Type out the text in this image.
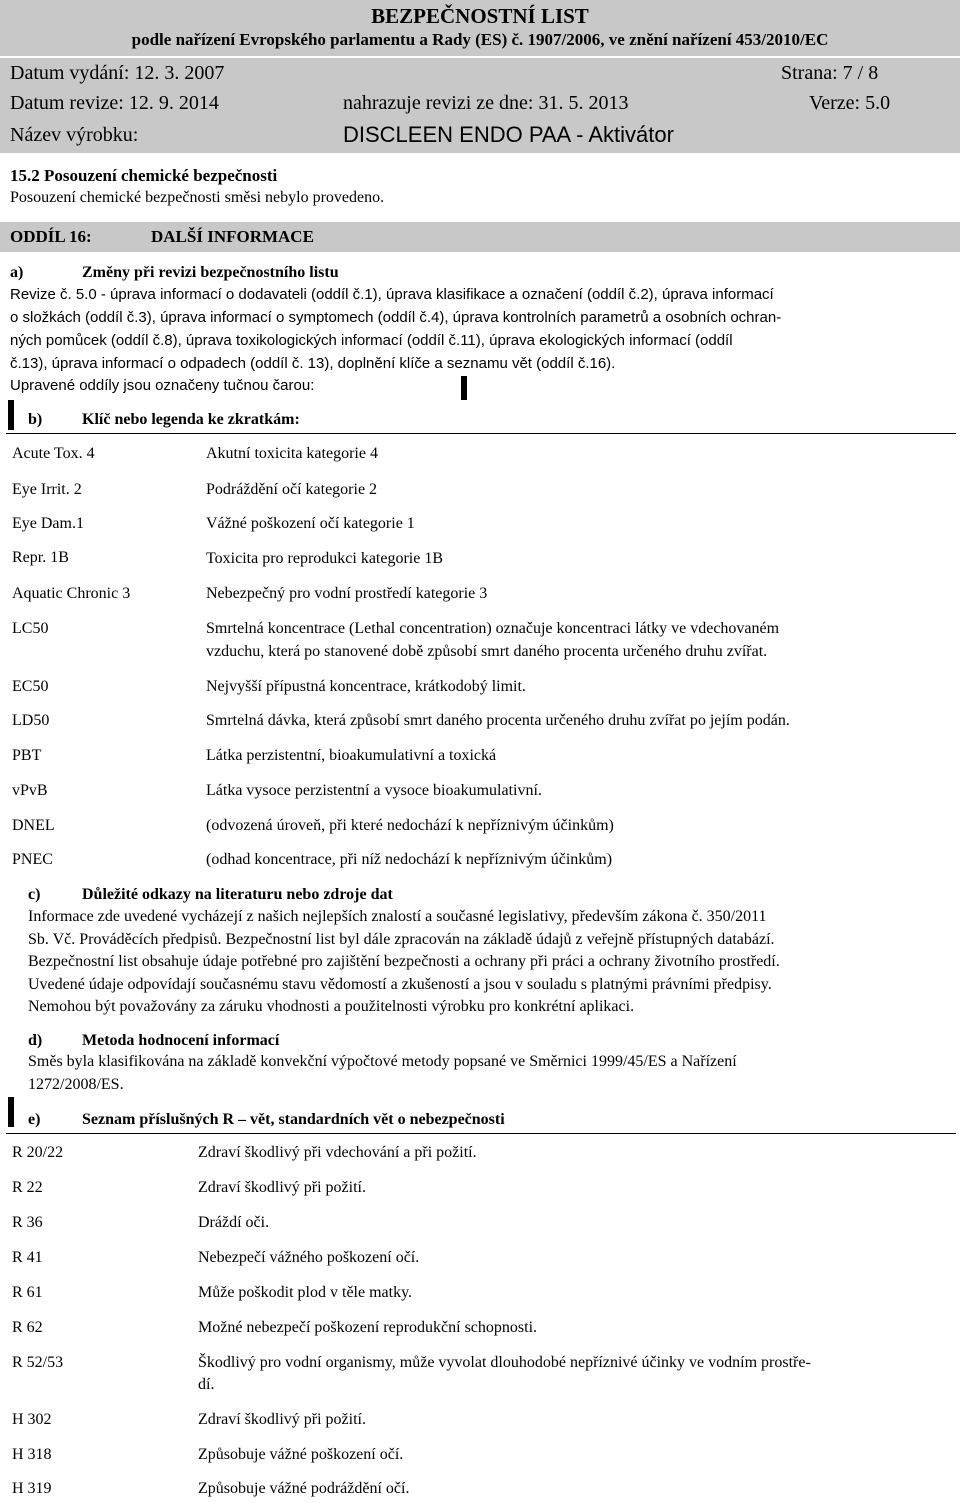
BEZPEČNOSTNÍ LIST
podle nařízení Evropského parlamentu a Rady (ES) č. 1907/2006, ve znění nařízení 453/2010/EC
Datum vydání: 12. 3. 2007	Strana: 7 / 8
Datum revize: 12. 9. 2014	nahrazuje revizi ze dne: 31. 5. 2013	Verze: 5.0
Název výrobku:	DISCLEEN ENDO PAA - Aktivátor
15.2 Posouzení chemické bezpečnosti
Posouzení chemické bezpečnosti směsi nebylo provedeno.
ODDÍL 16:	DALŠÍ INFORMACE
a)	Změny při revizi bezpečnostního listu
Revize č. 5.0 - úprava informací o dodavateli (oddíl č.1), úprava klasifikace a označení (oddíl č.2), úprava informací
o složkách (oddíl č.3), úprava informací o symptomech (oddíl č.4), úprava kontrolních parametrů a osobních ochran-
ných pomůcek (oddíl č.8), úprava toxikologických informací (oddíl č.11), úprava ekologických informací (oddíl
č.13), úprava informací o odpadech (oddíl č. 13), doplnění klíče a seznamu vět (oddíl č.16).
Upravené oddíly jsou označeny tučnou čarou:
b) Klíč nebo legenda ke zkratkám:
Acute Tox. 4	Akutní toxicita kategorie 4
Eye Irrit. 2	Podráždění očí kategorie 2
Eye Dam.1	Vážné poškození očí kategorie 1
Repr. 1B	Toxicita pro reprodukci kategorie 1B
Aquatic Chronic 3	Nebezpečný pro vodní prostředí kategorie 3
LC50	Smrtelná koncentrace (Lethal concentration) označuje koncentraci látky ve vdechovaném
vzduchu, která po stanovené době způsobí smrt daného procenta určeného druhu zvířat.
EC50	Nejvyšší přípustná koncentrace, krátkodobý limit.
LD50	Smrtelná dávka, která způsobí smrt daného procenta určeného druhu zvířat po jejím podán.
PBT	Látka perzistentní, bioakumulativní a toxická
vPvB	Látka vysoce perzistentní a vysoce bioakumulativní.
DNEL	(odvozená úroveň, při které nedochází k nepříznivým účinkům)
PNEC	(odhad koncentrace, při níž nedochází k nepříznivým účinkům)
c)	Důležité odkazy na literaturu nebo zdroje dat
Informace zde uvedené vycházejí z našich nejlepších znalostí a současné legislativy, především zákona č. 350/2011
Sb. Vč. Prováděcích předpisů. Bezpečnostní list byl dále zpracován na základě údajů z veřejně přístupných databází.
Bezpečnostní list obsahuje údaje potřebné pro zajištění bezpečnosti a ochrany při práci a ochrany životního prostředí.
Uvedené údaje odpovídají současnému stavu vědomostí a zkušeností a jsou v souladu s platnými právními předpisy.
Nemohou být považovány za záruku vhodnosti a použitelnosti výrobku pro konkrétní aplikaci.
d) Metoda hodnocení informací
Směs byla klasifikována na základě konvekční výpočtové metody popsané ve Směrnici 1999/45/ES a Nařízení
1272/2008/ES.
e)	Seznam příslušných R – vět, standardních vět o nebezpečnosti
R 20/22	Zdraví škodlivý při vdechování a při požití.
R 22	Zdraví škodlivý při požití.
R 36	Dráždí oči.
R 41	Nebezpečí vážného poškození očí.
R 61	Může poškodit plod v těle matky.
R 62	Možné nebezpečí poškození reprodukční schopnosti.
R 52/53	Škodlivý pro vodní organismy, může vyvolat dlouhodobé nepříznivé účinky ve vodním prostře-
dí.
H 302	Zdraví škodlivý při požití.
H 318	Způsobuje vážné poškození očí.
H 319	Způsobuje vážné podráždění očí.
